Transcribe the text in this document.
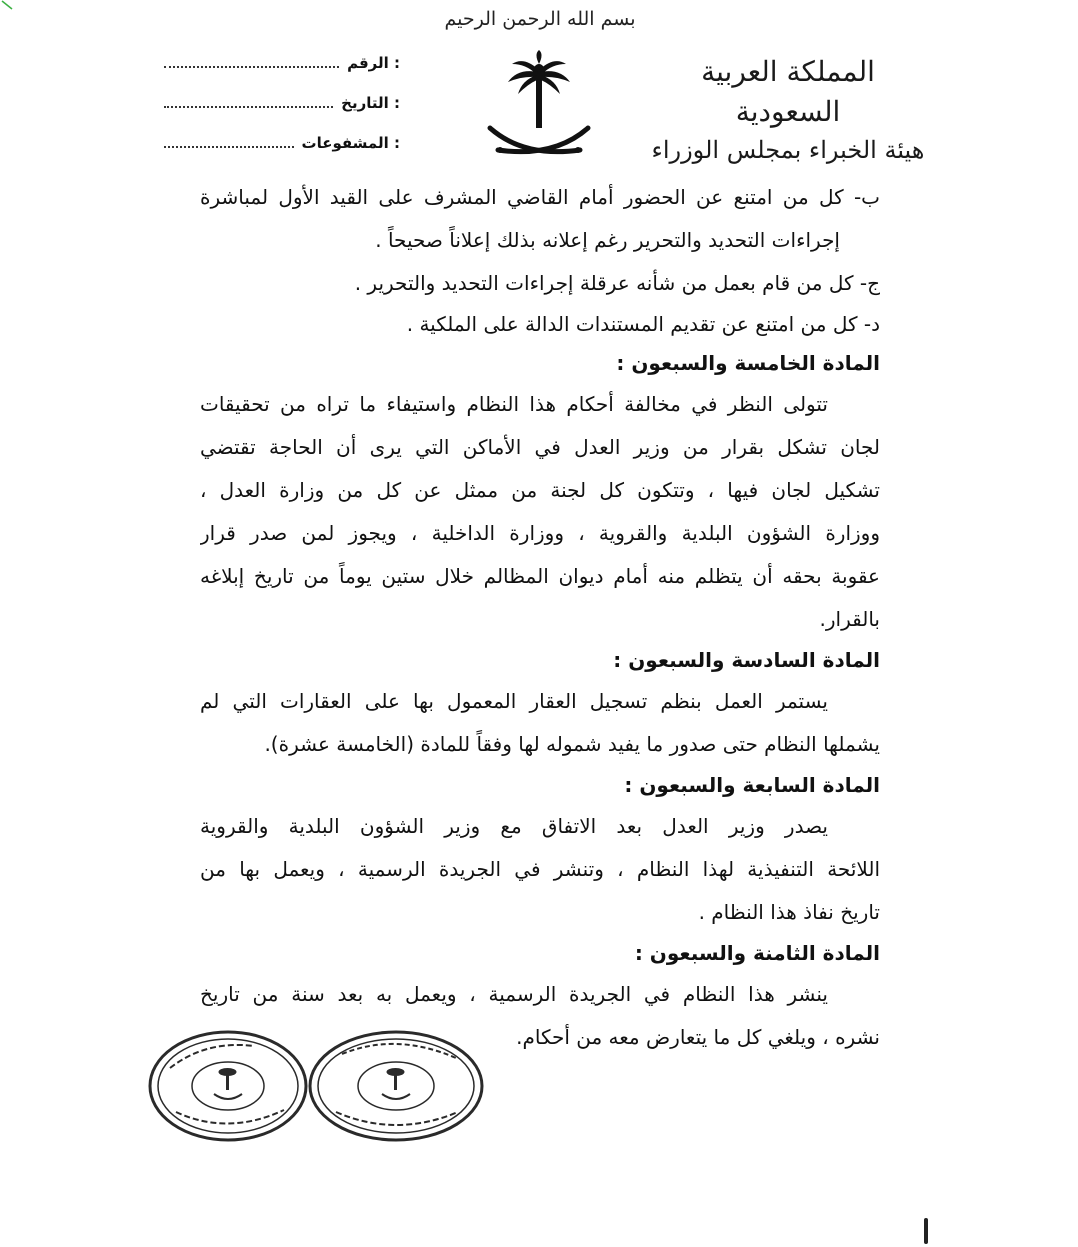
بسم الله الرحمن الرحيم
المملكة العربية السعودية
هيئة الخبراء بمجلس الوزراء
الرقم :
التاريخ :
المشفوعات :
ب- كل من امتنع عن الحضور أمام القاضي المشرف على القيد الأول لمباشرة
إجراءات التحديد والتحرير رغم إعلانه بذلك إعلاناً صحيحاً .
ج- كل من قام بعمل من شأنه عرقلة إجراءات التحديد والتحرير .
د- كل من امتنع عن تقديم المستندات الدالة على الملكية .
المادة الخامسة والسبعون :
تتولى النظر في مخالفة أحكام هذا النظام واستيفاء ما تراه من تحقيقات
لجان تشكل بقرار من وزير العدل في الأماكن التي يرى أن الحاجة تقتضي
تشكيل لجان فيها ، وتتكون كل لجنة من ممثل عن كل من وزارة العدل ،
ووزارة الشؤون البلدية والقروية ، ووزارة الداخلية ، ويجوز لمن صدر قرار
عقوبة بحقه أن يتظلم منه أمام ديوان المظالم خلال ستين يوماً من تاريخ إبلاغه
بالقرار.
المادة السادسة والسبعون :
يستمر العمل بنظم تسجيل العقار المعمول بها على العقارات التي لم
يشملها النظام حتى صدور ما يفيد شموله لها وفقاً للمادة (الخامسة عشرة).
المادة السابعة والسبعون :
يصدر وزير العدل بعد الاتفاق مع وزير الشؤون البلدية والقروية
اللائحة التنفيذية لهذا النظام ، وتنشر في الجريدة الرسمية ، ويعمل بها من
تاريخ نفاذ هذا النظام .
المادة الثامنة والسبعون :
ينشر هذا النظام في الجريدة الرسمية ، ويعمل به بعد سنة من تاريخ
نشره ، ويلغي كل ما يتعارض معه من أحكام.
